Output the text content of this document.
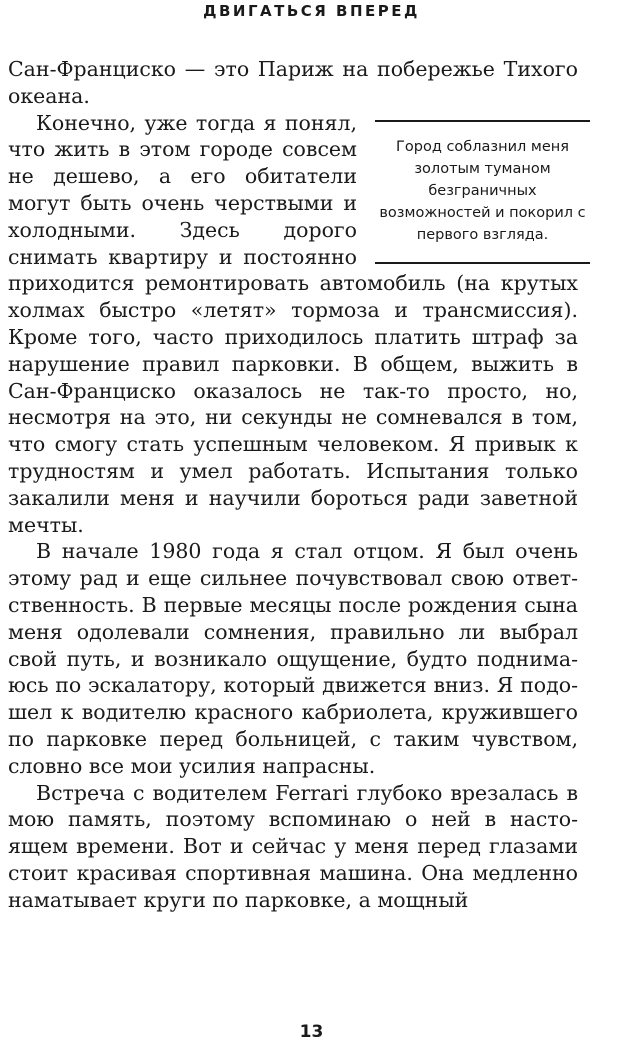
ДВИГАТЬСЯ ВПЕРЕД

Сан-Франциско — это Париж на побережье Тихого океана.

Город соблазнил меня золотым туманом безграничных возможностей и покорил с первого взгляда.

Конечно, уже тогда я понял, что жить в этом городе совсем не дешево, а его обитатели могут быть очень черствыми и холодными. Здесь дорого снимать квартиру и постоянно приходится ремонтировать автомобиль (на крутых холмах быстро «летят» тормоза и трансмиссия). Кроме того, часто приходилось платить штраф за нарушение правил парковки. В общем, выжить в Сан-Франциско оказалось не так-то просто, но, несмотря на это, ни секунды не сомневался в том, что смогу стать успешным человеком. Я привык к трудностям и умел работать. Испытания только закалили меня и научили бороться ради заветной мечты.

В начале 1980 года я стал отцом. Я был очень этому рад и еще сильнее почувствовал свою ответственность. В первые месяцы после рождения сына меня одолевали сомнения, правильно ли выбрал свой путь, и возникало ощущение, будто поднимаюсь по эскалатору, который движется вниз. Я подошел к водителю красного кабриолета, кружившего по парковке перед больницей, с таким чувством, словно все мои усилия напрасны.

Встреча с водителем Ferrari глубоко врезалась в мою память, поэтому вспоминаю о ней в настоящем времени. Вот и сейчас у меня перед глазами стоит красивая спортивная машина. Она медленно наматывает круги по парковке, а мощный

13
